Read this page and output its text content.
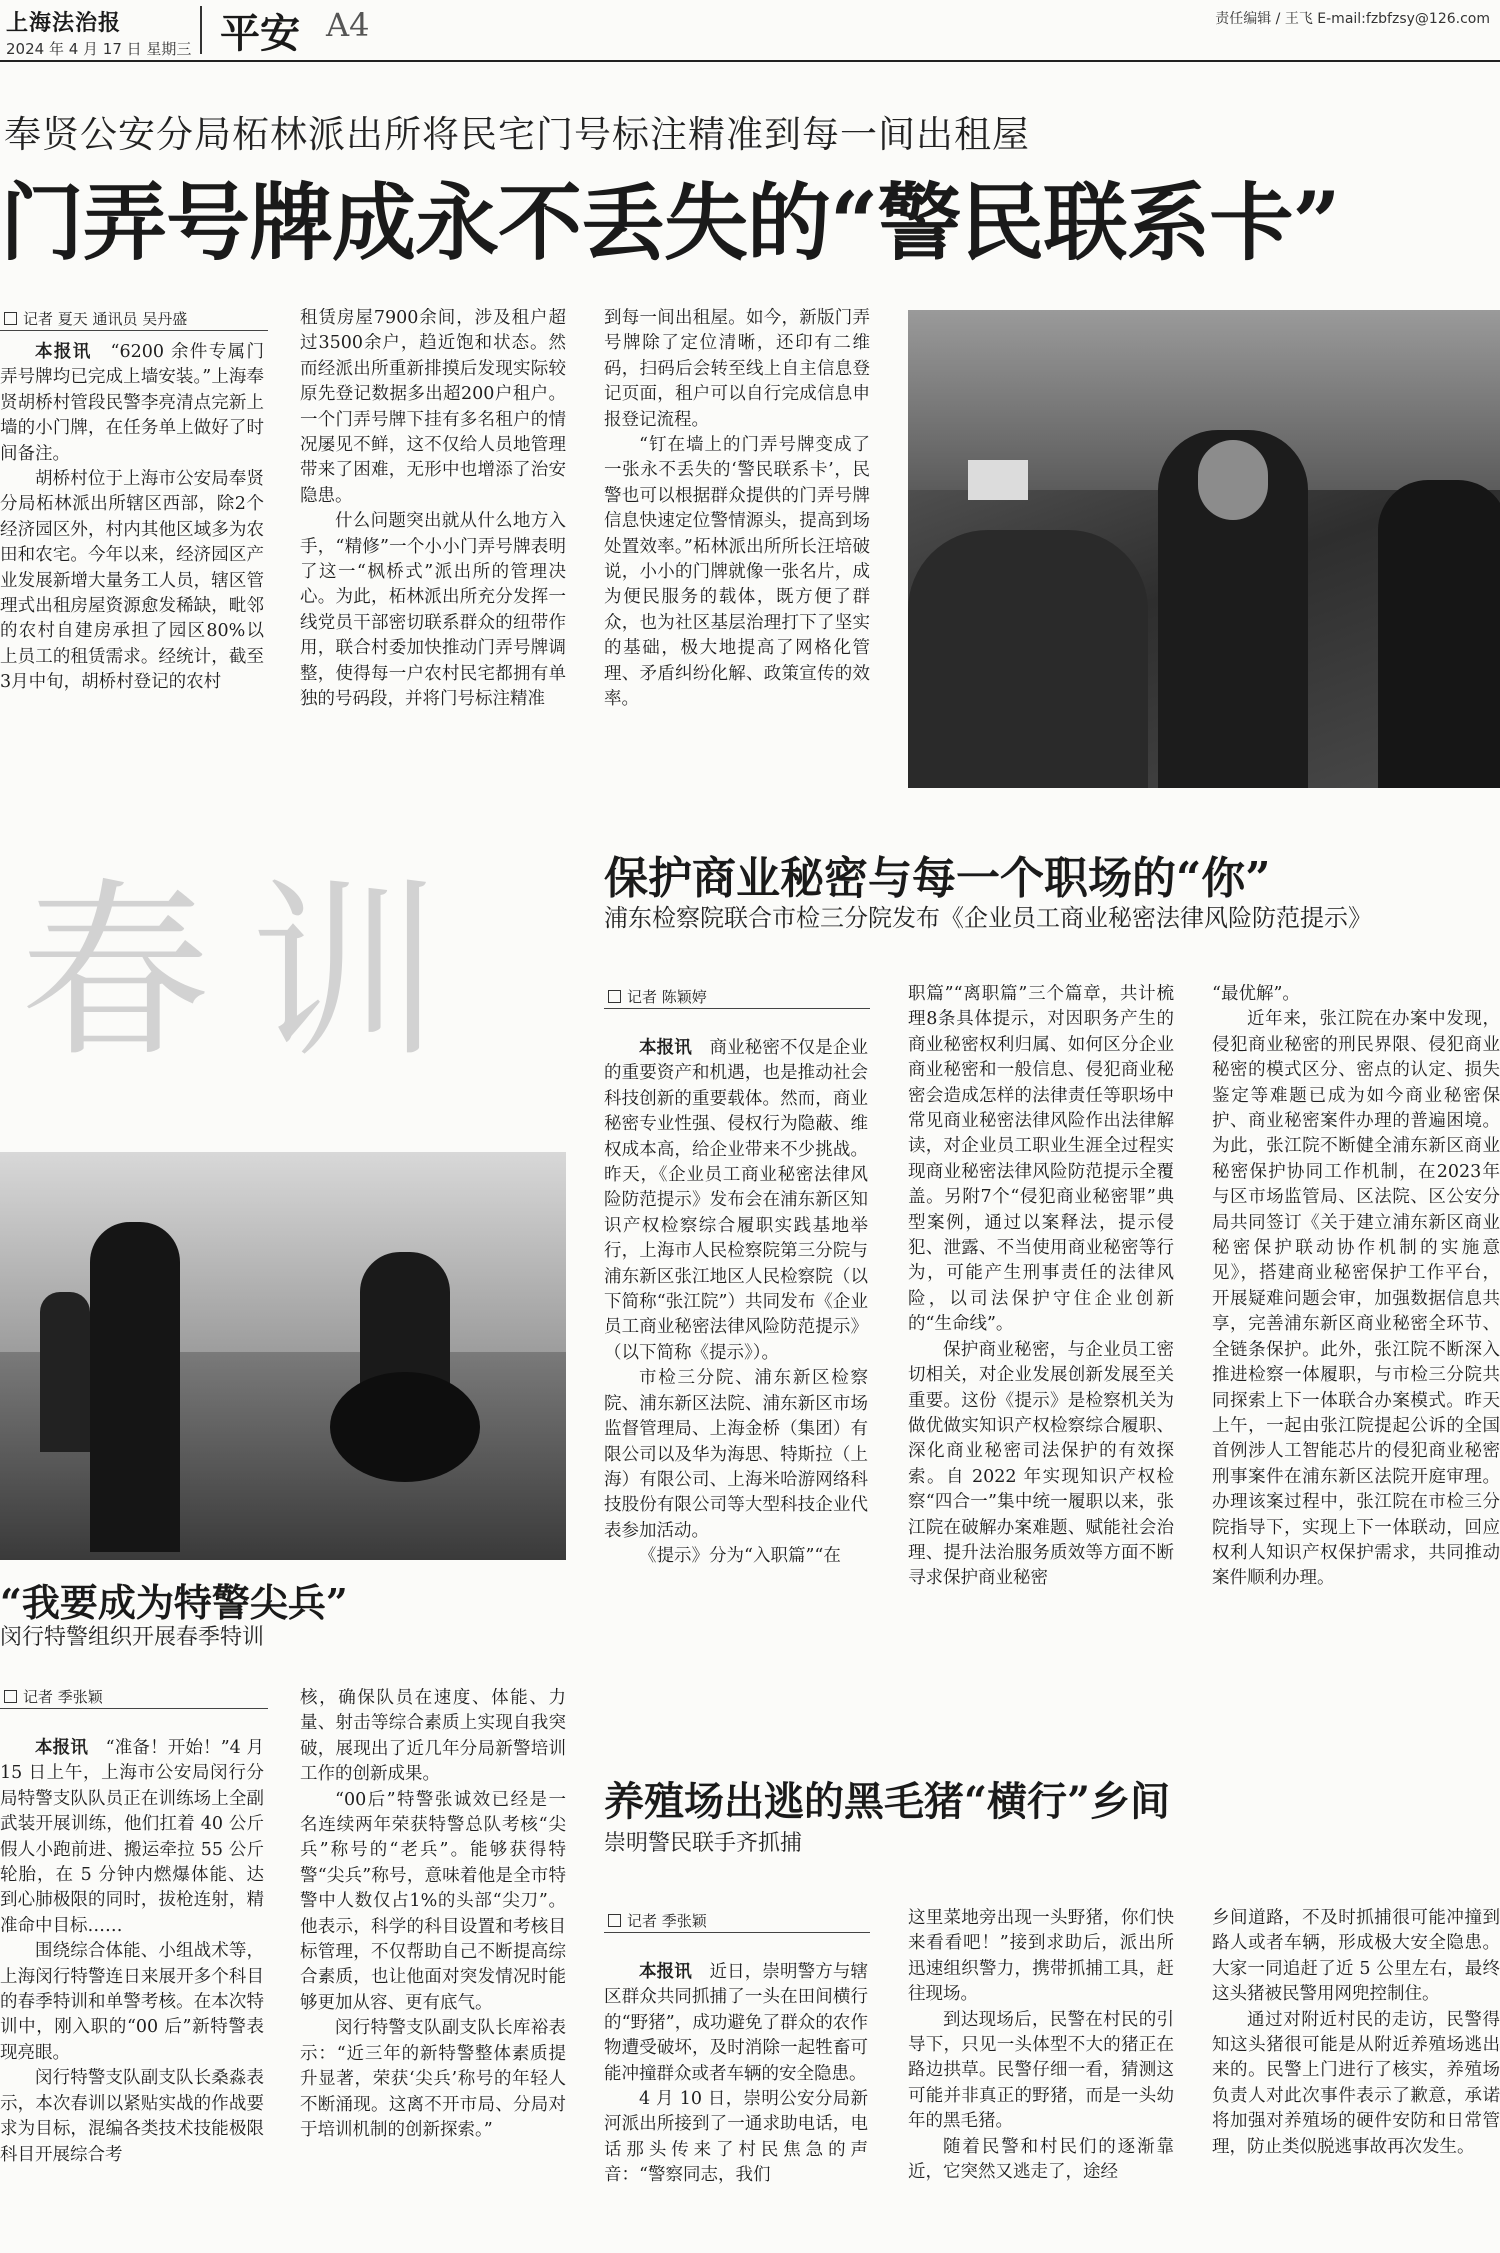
上海法治报
2024 年 4 月 17 日 星期三 平安 A4	责任编辑 / 王飞 E-mail:fzbfzsy@126.com
奉贤公安分局柘林派出所将民宅门号标注精准到每一间出租屋
门弄号牌成永不丢失的“警民联系卡”
记者 夏天 通讯员 吴丹盛

本报讯　“6200 余件专属门弄号牌均已完成上墙安装。”上海奉贤胡桥村管段民警李亮清点完新上墙的小门牌，在任务单上做好了时间备注。

胡桥村位于上海市公安局奉贤分局柘林派出所辖区西部，除2个经济园区外，村内其他区域多为农田和农宅。今年以来，经济园区产业发展新增大量务工人员，辖区管理式出租房屋资源愈发稀缺，毗邻的农村自建房承担了园区80%以上员工的租赁需求。经统计，截至3月中旬，胡桥村登记的农村

租赁房屋7900余间，涉及租户超过3500余户，趋近饱和状态。然而经派出所重新排摸后发现实际较原先登记数据多出超200户租户。一个门弄号牌下挂有多名租户的情况屡见不鲜，这不仅给人员地管理带来了困难，无形中也增添了治安隐患。

什么问题突出就从什么地方入手，“精修”一个小小门弄号牌表明了这一“枫桥式”派出所的管理决心。为此，柘林派出所充分发挥一线党员干部密切联系群众的纽带作用，联合村委加快推动门弄号牌调整，使得每一户农村民宅都拥有单独的号码段，并将门号标注精准

到每一间出租屋。如今，新版门弄号牌除了定位清晰，还印有二维码，扫码后会转至线上自主信息登记页面，租户可以自行完成信息申报登记流程。

“钉在墙上的门弄号牌变成了一张永不丢失的‘警民联系卡’，民警也可以根据群众提供的门弄号牌信息快速定位警情源头，提高到场处置效率。”柘林派出所所长汪培破说，小小的门牌就像一张名片，成为便民服务的载体，既方便了群众，也为社区基层治理打下了坚实的基础，极大地提高了网格化管理、矛盾纠纷化解、政策宣传的效率。

春训
“我要成为特警尖兵”
闵行特警组织开展春季特训
记者 季张颖

本报讯　“准备！开始！”4 月 15 日上午，上海市公安局闵行分局特警支队队员正在训练场上全副武装开展训练，他们扛着 40 公斤假人小跑前进、搬运牵拉 55 公斤轮胎，在 5 分钟内燃爆体能、达到心肺极限的同时，拔枪连射，精准命中目标……

围绕综合体能、小组战术等，上海闵行特警连日来展开多个科目的春季特训和单警考核。在本次特训中，刚入职的“00 后”新特警表现亮眼。

闵行特警支队副支队长桑淼表示，本次春训以紧贴实战的作战要求为目标，混编各类技术技能极限科目开展综合考

核，确保队员在速度、体能、力量、射击等综合素质上实现自我突破，展现出了近几年分局新警培训工作的创新成果。

“00后”特警张诚效已经是一名连续两年荣获特警总队考核“尖兵”称号的“老兵”。能够获得特警“尖兵”称号，意味着他是全市特警中人数仅占1%的头部“尖刀”。他表示，科学的科目设置和考核目标管理，不仅帮助自己不断提高综合素质，也让他面对突发情况时能够更加从容、更有底气。

闵行特警支队副支队长库裕表示：“近三年的新特警整体素质提升显著，荣获‘尖兵’称号的年轻人不断涌现。这离不开市局、分局对于培训机制的创新探索。”

保护商业秘密与每一个职场的“你”
浦东检察院联合市检三分院发布《企业员工商业秘密法律风险防范提示》
记者 陈颖婷

本报讯　商业秘密不仅是企业的重要资产和机遇，也是推动社会科技创新的重要载体。然而，商业秘密专业性强、侵权行为隐蔽、维权成本高，给企业带来不少挑战。昨天，《企业员工商业秘密法律风险防范提示》发布会在浦东新区知识产权检察综合履职实践基地举行，上海市人民检察院第三分院与浦东新区张江地区人民检察院（以下简称“张江院”）共同发布《企业员工商业秘密法律风险防范提示》（以下简称《提示》）。

市检三分院、浦东新区检察院、浦东新区法院、浦东新区市场监督管理局、上海金桥（集团）有限公司以及华为海思、特斯拉（上海）有限公司、上海米哈游网络科技股份有限公司等大型科技企业代表参加活动。

《提示》分为“入职篇”“在

职篇”“离职篇”三个篇章，共计梳理8条具体提示，对因职务产生的商业秘密权利归属、如何区分企业商业秘密和一般信息、侵犯商业秘密会造成怎样的法律责任等职场中常见商业秘密法律风险作出法律解读，对企业员工职业生涯全过程实现商业秘密法律风险防范提示全覆盖。另附7个“侵犯商业秘密罪”典型案例，通过以案释法，提示侵犯、泄露、不当使用商业秘密等行为，可能产生刑事责任的法律风险，以司法保护守住企业创新的“生命线”。

保护商业秘密，与企业员工密切相关，对企业发展创新发展至关重要。这份《提示》是检察机关为做优做实知识产权检察综合履职、深化商业秘密司法保护的有效探索。自 2022 年实现知识产权检察“四合一”集中统一履职以来，张江院在破解办案难题、赋能社会治理、提升法治服务质效等方面不断寻求保护商业秘密

“最优解”。

近年来，张江院在办案中发现，侵犯商业秘密的刑民界限、侵犯商业秘密的模式区分、密点的认定、损失鉴定等难题已成为如今商业秘密保护、商业秘密案件办理的普遍困境。为此，张江院不断健全浦东新区商业秘密保护协同工作机制，在2023年与区市场监管局、区法院、区公安分局共同签订《关于建立浦东新区商业秘密保护联动协作机制的实施意见》，搭建商业秘密保护工作平台，开展疑难问题会审，加强数据信息共享，完善浦东新区商业秘密全环节、全链条保护。此外，张江院不断深入推进检察一体履职，与市检三分院共同探索上下一体联合办案模式。昨天上午，一起由张江院提起公诉的全国首例涉人工智能芯片的侵犯商业秘密刑事案件在浦东新区法院开庭审理。办理该案过程中，张江院在市检三分院指导下，实现上下一体联动，回应权利人知识产权保护需求，共同推动案件顺利办理。

养殖场出逃的黑毛猪“横行”乡间
崇明警民联手齐抓捕
记者 季张颖

本报讯　近日，崇明警方与辖区群众共同抓捕了一头在田间横行的“野猪”，成功避免了群众的农作物遭受破坏，及时消除一起牲畜可能冲撞群众或者车辆的安全隐患。

4 月 10 日，崇明公安分局新河派出所接到了一通求助电话，电话那头传来了村民焦急的声音：“警察同志，我们

这里菜地旁出现一头野猪，你们快来看看吧！”接到求助后，派出所迅速组织警力，携带抓捕工具，赶往现场。

到达现场后，民警在村民的引导下，只见一头体型不大的猪正在路边拱草。民警仔细一看，猜测这可能并非真正的野猪，而是一头幼年的黑毛猪。

随着民警和村民们的逐渐靠近，它突然又逃走了，途经

乡间道路，不及时抓捕很可能冲撞到路人或者车辆，形成极大安全隐患。大家一同追赶了近 5 公里左右，最终这头猪被民警用网兜控制住。

通过对附近村民的走访，民警得知这头猪很可能是从附近养殖场逃出来的。民警上门进行了核实，养殖场负责人对此次事件表示了歉意，承诺将加强对养殖场的硬件安防和日常管理，防止类似脱逃事故再次发生。
